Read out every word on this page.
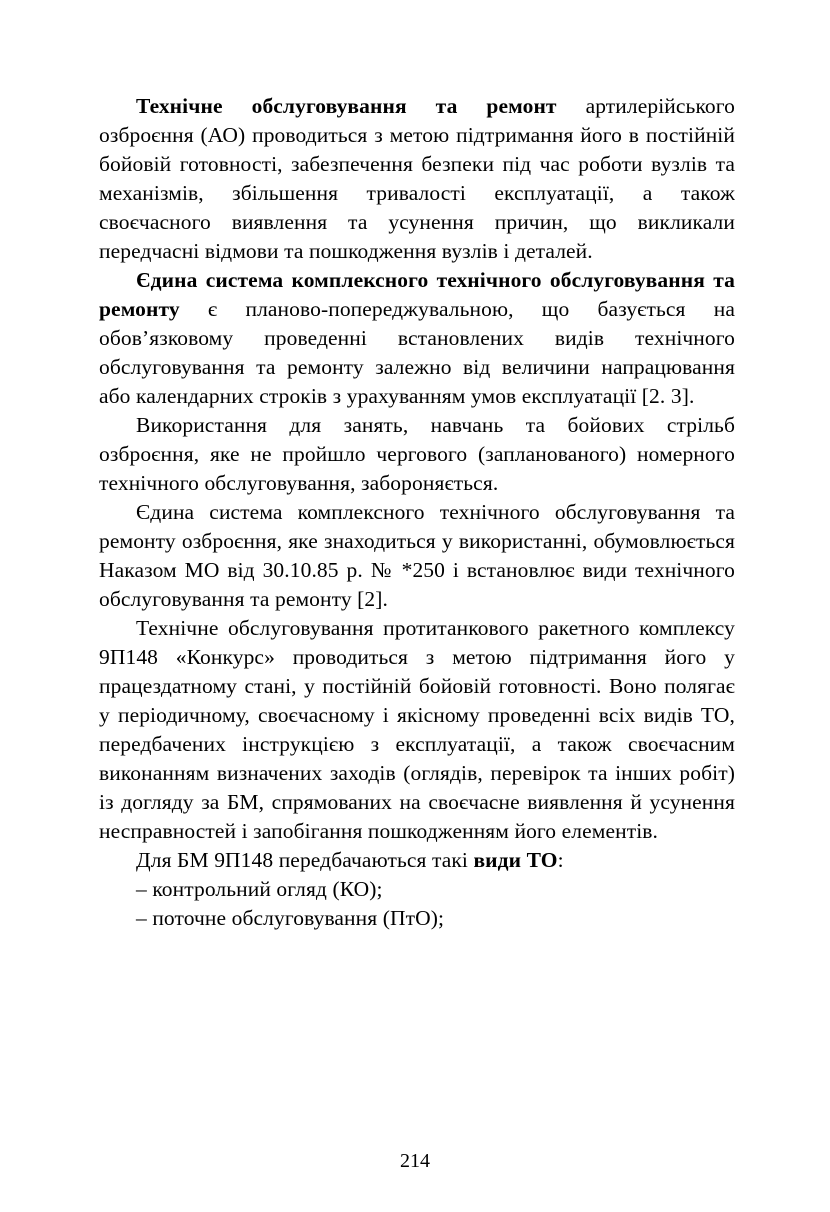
Технічне обслуговування та ремонт артилерійського озброєння (АО) проводиться з метою підтримання його в постійній бойовій готовності, забезпечення безпеки під час роботи вузлів та механізмів, збільшення тривалості експлуатації, а також своєчасного виявлення та усунення причин, що викликали передчасні відмови та пошкодження вузлів і деталей.

Єдина система комплексного технічного обслуговування та ремонту є планово-попереджувальною, що базується на обов’язковому проведенні встановлених видів технічного обслуговування та ремонту залежно від величини напрацювання або календарних строків з урахуванням умов експлуатації [2. 3].

Використання для занять, навчань та бойових стрільб озброєння, яке не пройшло чергового (запланованого) номерного технічного обслуговування, забороняється.

Єдина система комплексного технічного обслуговування та ремонту озброєння, яке знаходиться у використанні, обумовлюється Наказом МО від 30.10.85 р. № *250 і встановлює види технічного обслуговування та ремонту [2].

Технічне обслуговування протитанкового ракетного комплексу 9П148 «Конкурс» проводиться з метою підтримання його у працездатному стані, у постійній бойовій готовності. Воно полягає у періодичному, своєчасному і якісному проведенні всіх видів ТО, передбачених інструкцією з експлуатації, а також своєчасним виконанням визначених заходів (оглядів, перевірок та інших робіт) із догляду за БМ, спрямованих на своєчасне виявлення й усунення несправностей і запобігання пошкодженням його елементів.

Для БМ 9П148 передбачаються такі види ТО:

– контрольний огляд (КО);

– поточне обслуговування (ПтО);

214
